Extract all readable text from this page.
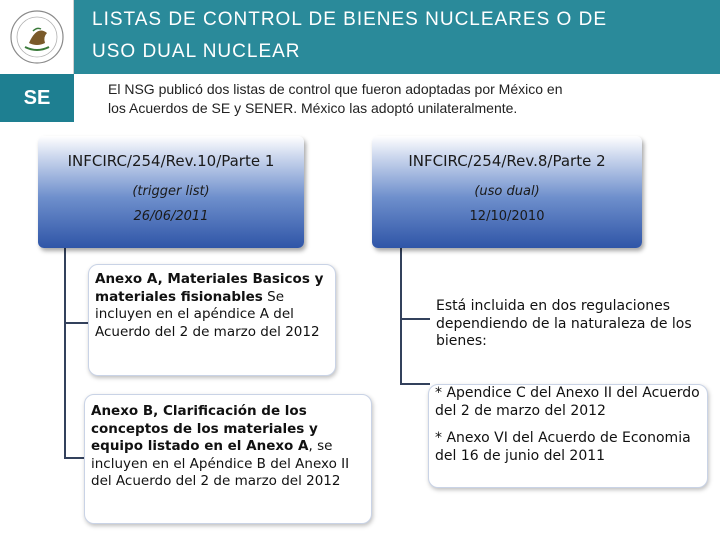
LISTAS DE CONTROL DE BIENES NUCLEARES O DE
USO DUAL NUCLEAR
SE	El NSG publicó dos listas de control que fueron adoptadas por México en
los Acuerdos de SE y SENER. México las adoptó unilateralmente.
INFCIRC/254/Rev.10/Parte 1
(trigger list)
26/06/2011
INFCIRC/254/Rev.8/Parte 2
(uso dual)
12/10/2010
Anexo A, Materiales Basicos y materiales fisionables Se incluyen en el apéndice A del Acuerdo del 2 de marzo del 2012
Anexo B, Clarificación de los conceptos de los materiales y equipo listado en el Anexo A, se incluyen en el Apéndice B del Anexo II del Acuerdo del 2 de marzo del 2012
Está incluida en dos regulaciones dependiendo de la naturaleza de los bienes:
* Apendice C del Anexo II del Acuerdo del 2 de marzo del 2012
* Anexo VI del Acuerdo de Economia del 16 de junio del 2011
